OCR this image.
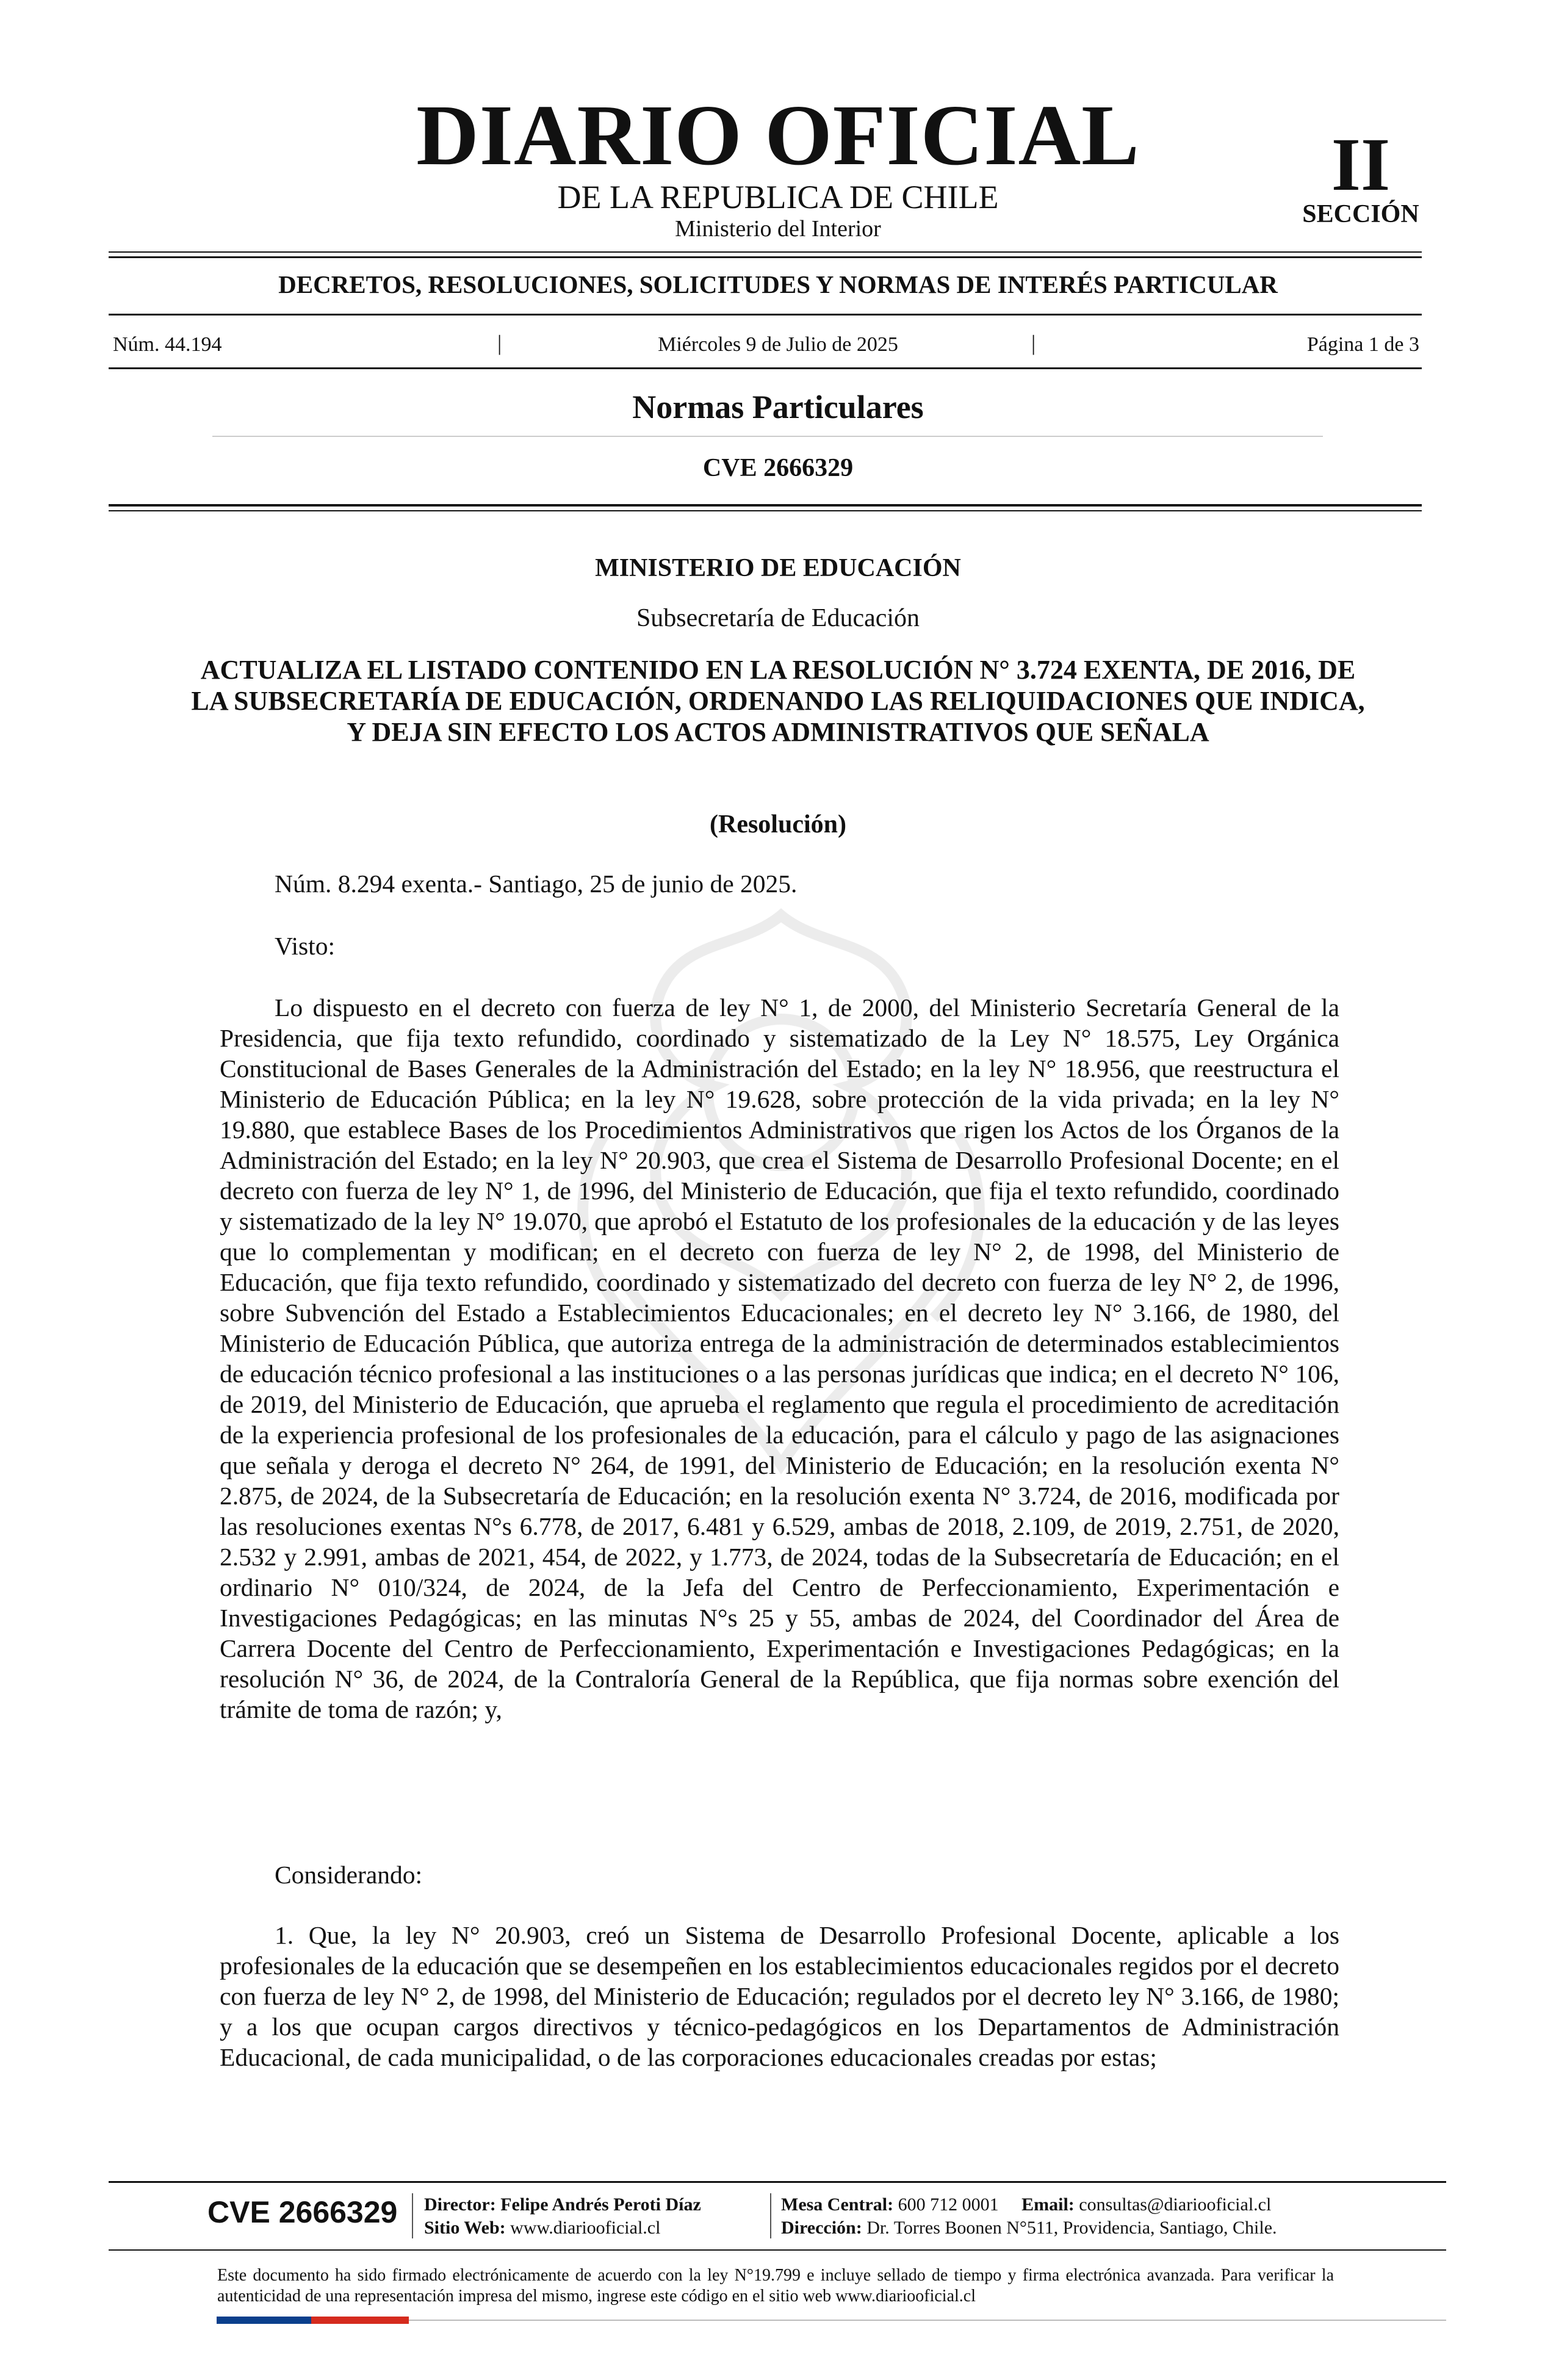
DIARIO OFICIAL
DE LA REPUBLICA DE CHILE
Ministerio del Interior
II
SECCIÓN
DECRETOS, RESOLUCIONES, SOLICITUDES Y NORMAS DE INTERÉS PARTICULAR
Núm. 44.194	|	Miércoles 9 de Julio de 2025	|	Página 1 de 3
Normas Particulares
CVE 2666329
MINISTERIO DE EDUCACIÓN
Subsecretaría de Educación
ACTUALIZA EL LISTADO CONTENIDO EN LA RESOLUCIÓN N° 3.724 EXENTA, DE 2016, DE LA SUBSECRETARÍA DE EDUCACIÓN, ORDENANDO LAS RELIQUIDACIONES QUE INDICA, Y DEJA SIN EFECTO LOS ACTOS ADMINISTRATIVOS QUE SEÑALA
(Resolución)
Núm. 8.294 exenta.- Santiago, 25 de junio de 2025.
Visto:
Lo dispuesto en el decreto con fuerza de ley N° 1, de 2000, del Ministerio Secretaría General de la Presidencia, que fija texto refundido, coordinado y sistematizado de la Ley N° 18.575, Ley Orgánica Constitucional de Bases Generales de la Administración del Estado; en la ley N° 18.956, que reestructura el Ministerio de Educación Pública; en la ley N° 19.628, sobre protección de la vida privada; en la ley N° 19.880, que establece Bases de los Procedimientos Administrativos que rigen los Actos de los Órganos de la Administración del Estado; en la ley N° 20.903, que crea el Sistema de Desarrollo Profesional Docente; en el decreto con fuerza de ley N° 1, de 1996, del Ministerio de Educación, que fija el texto refundido, coordinado y sistematizado de la ley N° 19.070, que aprobó el Estatuto de los profesionales de la educación y de las leyes que lo complementan y modifican; en el decreto con fuerza de ley N° 2, de 1998, del Ministerio de Educación, que fija texto refundido, coordinado y sistematizado del decreto con fuerza de ley N° 2, de 1996, sobre Subvención del Estado a Establecimientos Educacionales; en el decreto ley N° 3.166, de 1980, del Ministerio de Educación Pública, que autoriza entrega de la administración de determinados establecimientos de educación técnico profesional a las instituciones o a las personas jurídicas que indica; en el decreto N° 106, de 2019, del Ministerio de Educación, que aprueba el reglamento que regula el procedimiento de acreditación de la experiencia profesional de los profesionales de la educación, para el cálculo y pago de las asignaciones que señala y deroga el decreto N° 264, de 1991, del Ministerio de Educación; en la resolución exenta N° 2.875, de 2024, de la Subsecretaría de Educación; en la resolución exenta N° 3.724, de 2016, modificada por las resoluciones exentas N°s 6.778, de 2017, 6.481 y 6.529, ambas de 2018, 2.109, de 2019, 2.751, de 2020, 2.532 y 2.991, ambas de 2021, 454, de 2022, y 1.773, de 2024, todas de la Subsecretaría de Educación; en el ordinario N° 010/324, de 2024, de la Jefa del Centro de Perfeccionamiento, Experimentación e Investigaciones Pedagógicas; en las minutas N°s 25 y 55, ambas de 2024, del Coordinador del Área de Carrera Docente del Centro de Perfeccionamiento, Experimentación e Investigaciones Pedagógicas; en la resolución N° 36, de 2024, de la Contraloría General de la República, que fija normas sobre exención del trámite de toma de razón; y,
Considerando:
1. Que, la ley N° 20.903, creó un Sistema de Desarrollo Profesional Docente, aplicable a los profesionales de la educación que se desempeñen en los establecimientos educacionales regidos por el decreto con fuerza de ley N° 2, de 1998, del Ministerio de Educación; regulados por el decreto ley N° 3.166, de 1980; y a los que ocupan cargos directivos y técnico-pedagógicos en los Departamentos de Administración Educacional, de cada municipalidad, o de las corporaciones educacionales creadas por estas;
CVE 2666329 Director: Felipe Andrés Peroti Díaz
Sitio Web: www.diariooficial.cl
Mesa Central: 600 712 0001 Email: consultas@diariooficial.cl
Dirección: Dr. Torres Boonen N°511, Providencia, Santiago, Chile.
Este documento ha sido firmado electrónicamente de acuerdo con la ley N°19.799 e incluye sellado de tiempo y firma electrónica avanzada. Para verificar la autenticidad de una representación impresa del mismo, ingrese este código en el sitio web www.diariooficial.cl
